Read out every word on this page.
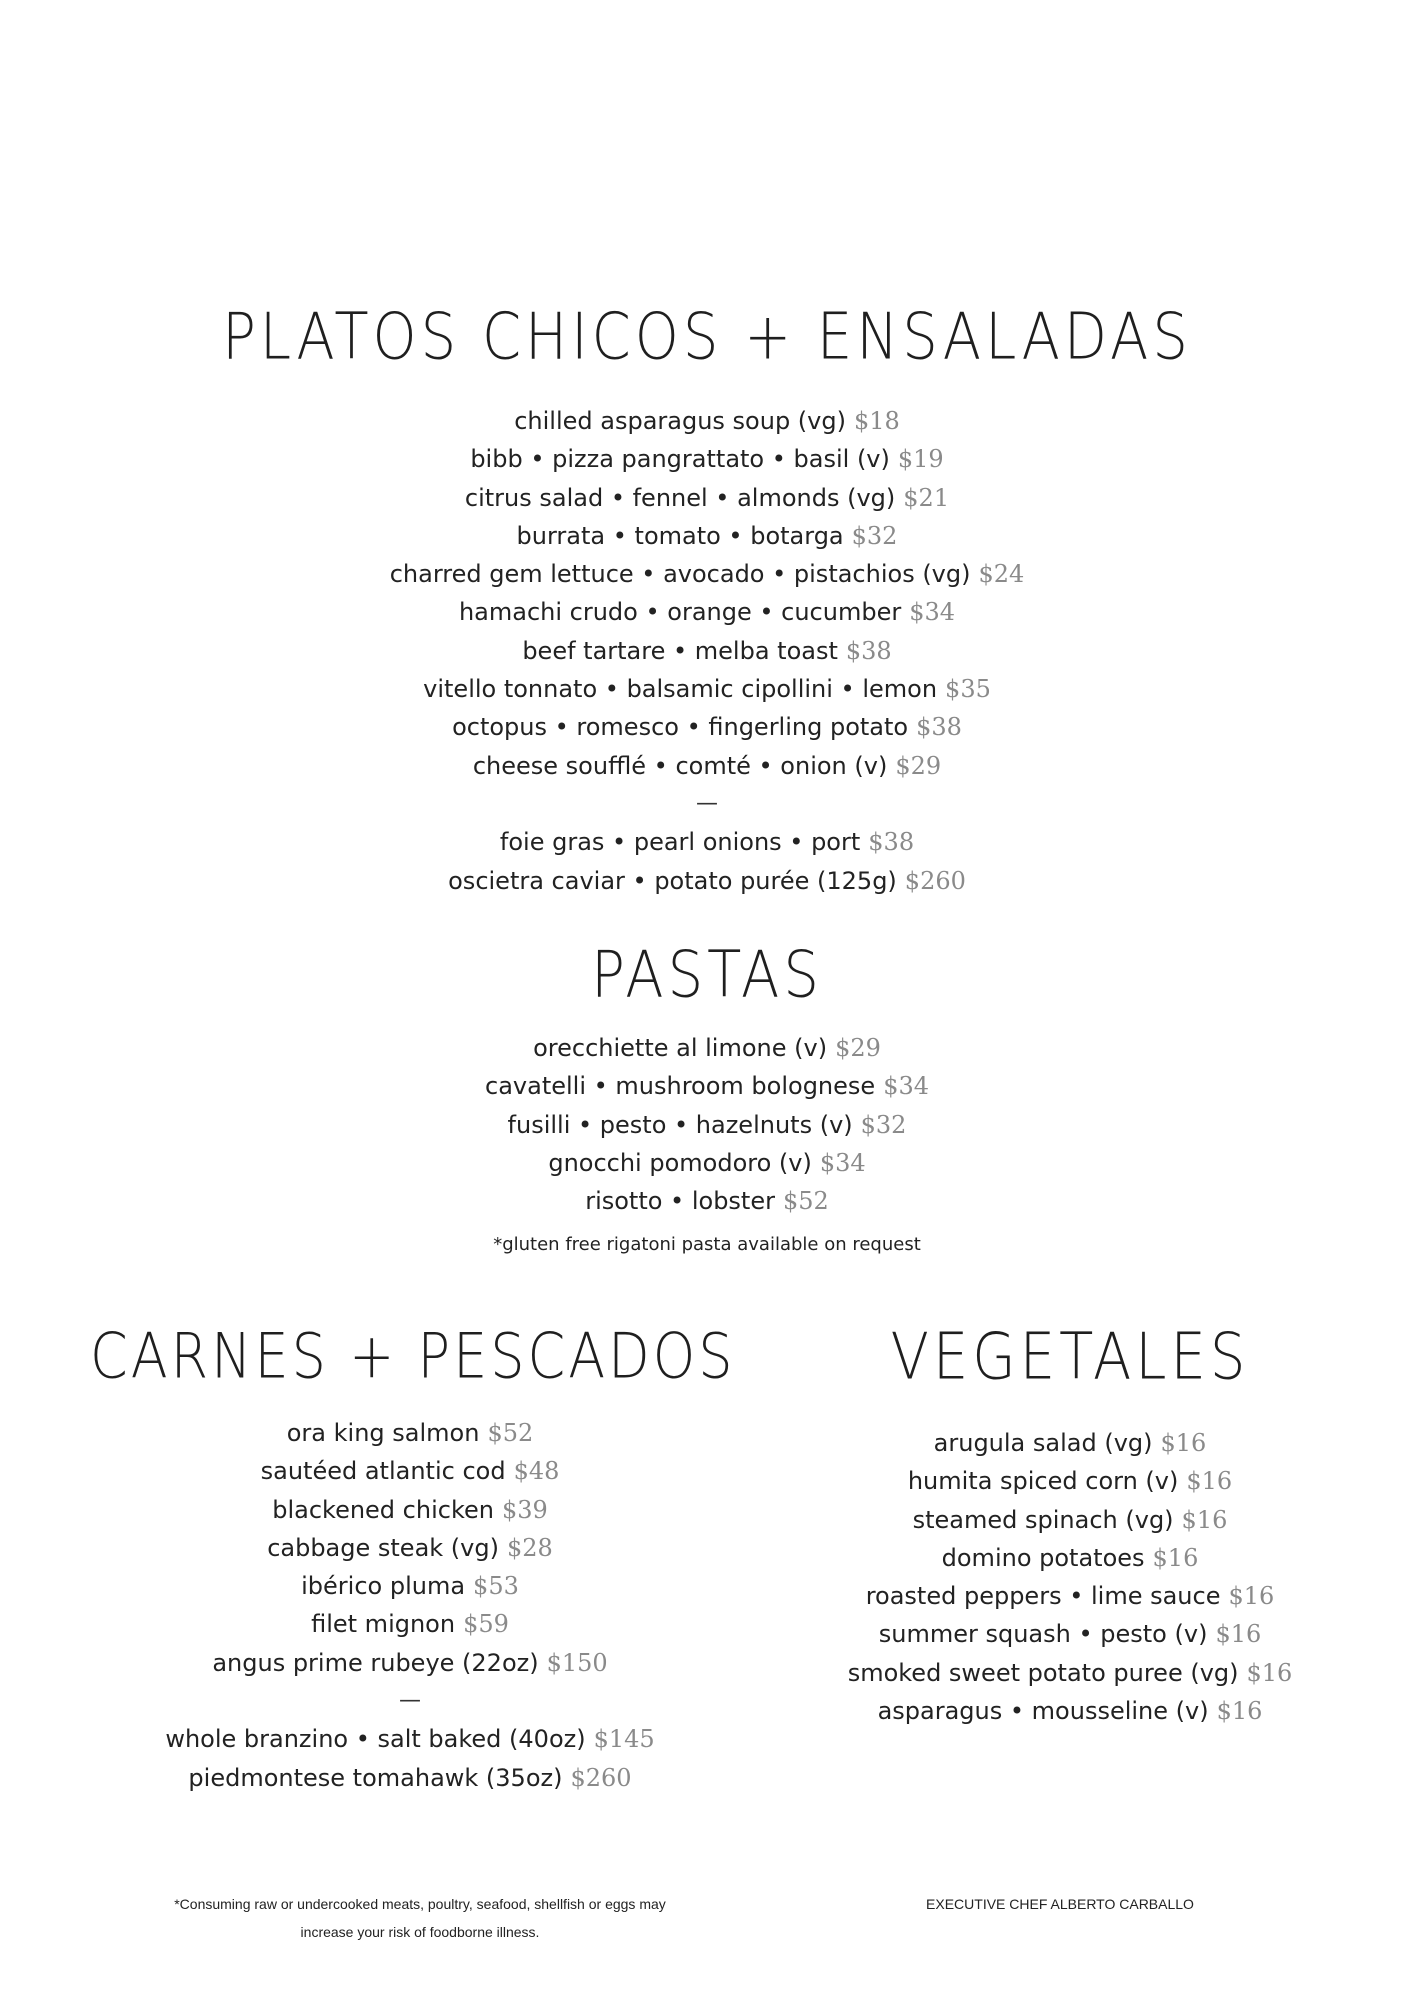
PLATOS CHICOS + ENSALADAS
chilled asparagus soup (vg) $18
bibb • pizza pangrattato • basil (v) $19
citrus salad • fennel • almonds (vg) $21
burrata • tomato • botarga $32
charred gem lettuce • avocado • pistachios (vg) $24
hamachi crudo • orange • cucumber $34
beef tartare • melba toast $38
vitello tonnato • balsamic cipollini • lemon $35
octopus • romesco • fingerling potato $38
cheese soufflé • comté • onion (v) $29
—
foie gras • pearl onions • port $38
oscietra caviar • potato purée (125g) $260
PASTAS
orecchiette al limone (v) $29
cavatelli • mushroom bolognese $34
fusilli • pesto • hazelnuts (v) $32
gnocchi pomodoro (v) $34
risotto • lobster $52

*gluten free rigatoni pasta available on request

CARNES + PESCADOS
ora king salmon $52
sautéed atlantic cod $48
blackened chicken $39
cabbage steak (vg) $28
ibérico pluma $53
filet mignon $59
angus prime rubeye (22oz) $150
—
whole branzino • salt baked (40oz) $145
piedmontese tomahawk (35oz) $260
VEGETALES
arugula salad (vg) $16
humita spiced corn (v) $16
steamed spinach (vg) $16
domino potatoes $16
roasted peppers • lime sauce $16
summer squash • pesto (v) $16
smoked sweet potato puree (vg) $16
asparagus • mousseline (v) $16

*Consuming raw or undercooked meats, poultry, seafood, shellfish or eggs may
increase your risk of foodborne illness.

EXECUTIVE CHEF ALBERTO CARBALLO
